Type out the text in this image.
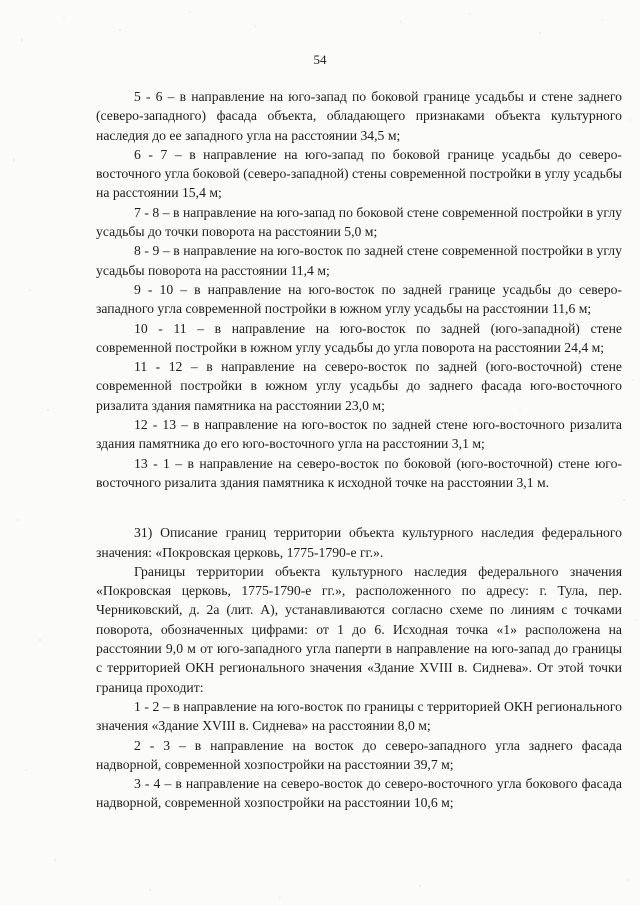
54

5 - 6 – в направление на юго-запад по боковой границе усадьбы и стене заднего (северо-западного) фасада объекта, обладающего признаками объекта культурного наследия до ее западного угла на расстоянии 34,5 м;

6 - 7 – в направление на юго-запад по боковой границе усадьбы до северо-восточного угла боковой (северо-западной) стены современной постройки в углу усадьбы на расстоянии 15,4 м;

7 - 8 – в направление на юго-запад по боковой стене современной постройки в углу усадьбы до точки поворота на расстоянии 5,0 м;

8 - 9 – в направление на юго-восток по задней стене современной постройки в углу усадьбы поворота на расстоянии 11,4 м;

9 - 10 – в направление на юго-восток по задней границе усадьбы до северо-западного угла современной постройки в южном углу усадьбы на расстоянии 11,6 м;

10 - 11 – в направление на юго-восток по задней (юго-западной) стене современной постройки в южном углу усадьбы до угла поворота на расстоянии 24,4 м;

11 - 12 – в направление на северо-восток по задней (юго-восточной) стене современной постройки в южном углу усадьбы до заднего фасада юго-восточного ризалита здания памятника на расстоянии 23,0 м;

12 - 13 – в направление на юго-восток по задней стене юго-восточного ризалита здания памятника до его юго-восточного угла на расстоянии 3,1 м;

13 - 1 – в направление на северо-восток по боковой (юго-восточной) стене юго-восточного ризалита здания памятника к исходной точке на расстоянии 3,1 м.

31) Описание границ территории объекта культурного наследия федерального значения: «Покровская церковь, 1775-1790-е гг.».

Границы территории объекта культурного наследия федерального значения «Покровская церковь, 1775-1790-е гг.», расположенного по адресу: г. Тула, пер. Черниковский, д. 2а (лит. А), устанавливаются согласно схеме по линиям с точками поворота, обозначенных цифрами: от 1 до 6. Исходная точка «1» расположена на расстоянии 9,0 м от юго-западного угла паперти в направление на юго-запад до границы с территорией ОКН регионального значения «Здание XVIII в. Сиднева». От этой точки граница проходит:

1 - 2 – в направление на юго-восток по границы с территорией ОКН регионального значения «Здание XVIII в. Сиднева» на расстоянии 8,0 м;

2 - 3 – в направление на восток до северо-западного угла заднего фасада надворной, современной хозпостройки на расстоянии 39,7 м;

3 - 4 – в направление на северо-восток до северо-восточного угла бокового фасада надворной, современной хозпостройки на расстоянии 10,6 м;
